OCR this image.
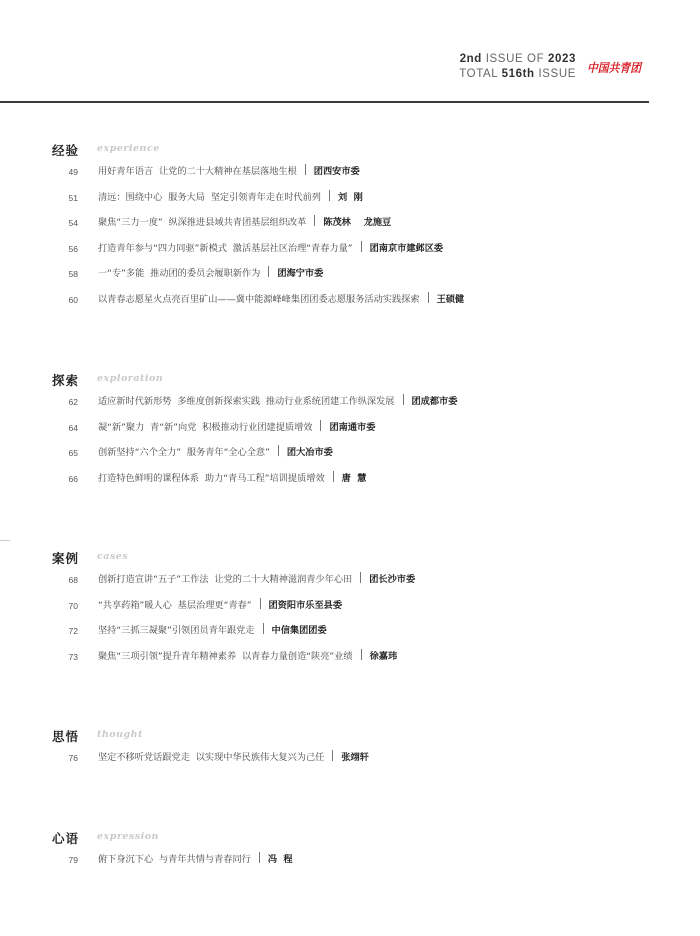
2nd ISSUE OF 2023
TOTAL 516th ISSUE 中国共青团
经验 experience
49 用好青年语言  让党的二十大精神在基层落地生根 团西安市委
51 清远：围绕中心  服务大局  坚定引领青年走在时代前列 刘  刚
54 聚焦“三力一度”  纵深推进县域共青团基层组织改革 陈茂林    龙施豆
56 打造青年参与“四力同驱”新模式  激活基层社区治理“青春力量” 团南京市建邺区委
58 一“专”多能  推动团的委员会履职新作为 团海宁市委
60 以青春志愿星火点亮百里矿山——冀中能源峰峰集团团委志愿服务活动实践探索 王硕健
探索 exploration
62 适应新时代新形势  多维度创新探索实践  推动行业系统团建工作纵深发展 团成都市委
64 凝“新”聚力  青“新”向党  积极推动行业团建提质增效 团南通市委
65 创新坚持“六个全力”  服务青年“全心全意” 团大冶市委
66 打造特色鲜明的课程体系  助力“青马工程”培训提质增效 唐  慧
案例 cases
68 创新打造宣讲“五子”工作法  让党的二十大精神滋润青少年心田 团长沙市委
70 “共享药箱”暖人心  基层治理更“青春” 团资阳市乐至县委
72 坚持“三抓三凝聚”引领团员青年跟党走 中信集团团委
73 聚焦“三项引领”提升青年精神素养  以青春力量创造“陕亮”业绩 徐嘉玮
思悟 thought
76 坚定不移听党话跟党走  以实现中华民族伟大复兴为己任 张翊轩
心语 expression
79 俯下身沉下心  与青年共情与青春同行 冯  程
